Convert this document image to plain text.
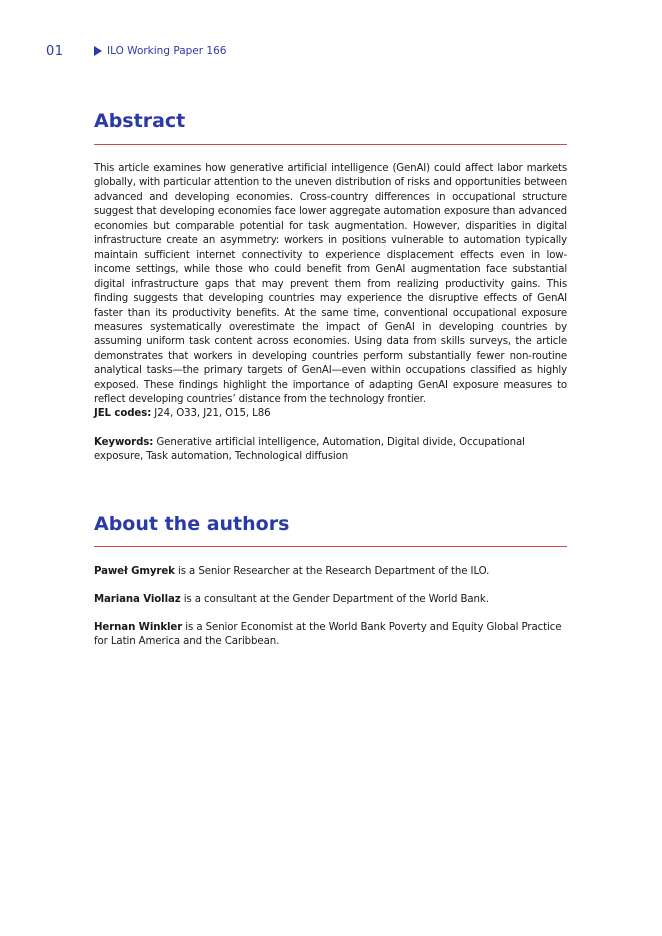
01	ILO Working Paper 166
Abstract

This article examines how generative artificial intelligence (GenAI) could affect labor markets globally, with particular attention to the uneven distribution of risks and opportunities between advanced and developing economies. Cross-country differences in occupational structure suggest that developing economies face lower aggregate automation exposure than advanced economies but comparable potential for task augmentation. However, disparities in digital infrastructure create an asymmetry: workers in positions vulnerable to automation typically maintain sufficient internet connectivity to experience displacement effects even in low-income settings, while those who could benefit from GenAI augmentation face substantial digital infrastructure gaps that may prevent them from realizing productivity gains. This finding suggests that developing countries may experience the disruptive effects of GenAI faster than its productivity benefits. At the same time, conventional occupational exposure measures systematically overestimate the impact of GenAI in developing countries by assuming uniform task content across economies. Using data from skills surveys, the article demonstrates that workers in developing countries perform substantially fewer non-routine analytical tasks—the primary targets of GenAI—even within occupations classified as highly exposed. These findings highlight the importance of adapting GenAI exposure measures to reflect developing countries’ distance from the technology frontier.

JEL codes: J24, O33, J21, O15, L86

Keywords: Generative artificial intelligence, Automation, Digital divide, Occupational exposure, Task automation, Technological diffusion

About the authors

Paweł Gmyrek is a Senior Researcher at the Research Department of the ILO.

Mariana Viollaz is a consultant at the Gender Department of the World Bank.

Hernan Winkler is a Senior Economist at the World Bank Poverty and Equity Global Practice for Latin America and the Caribbean.
